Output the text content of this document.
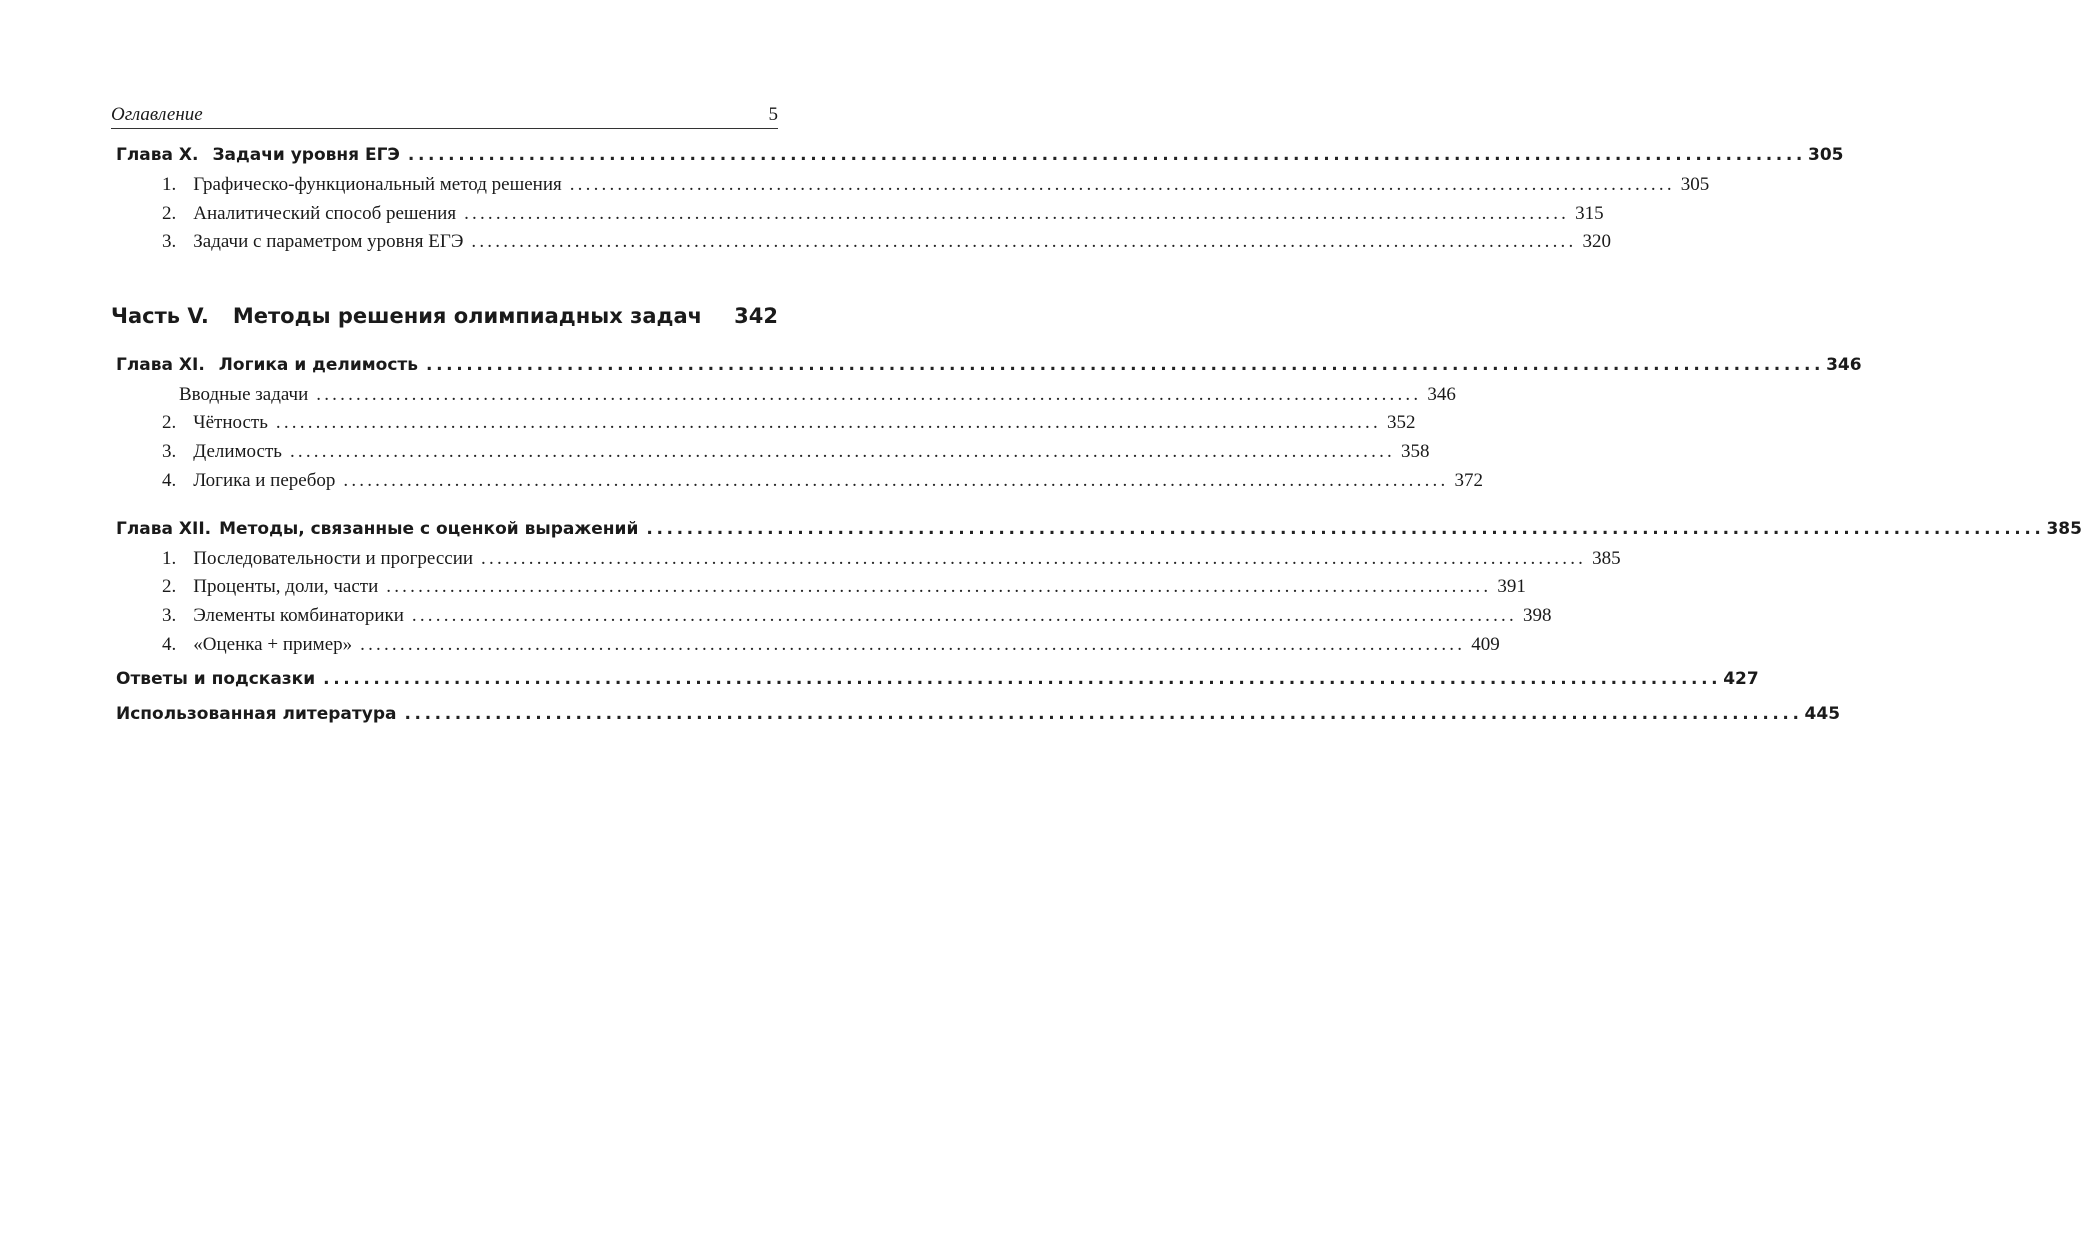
Оглавление	5
Глава X. Задачи уровня ЕГЭ ........................................................................................................................................... 305
1. Графическо-функциональный метод решения ........................................................................................................................................... 305
2. Аналитический способ решения ........................................................................................................................................... 315
3. Задачи с параметром уровня ЕГЭ ........................................................................................................................................... 320
Часть V. Методы решения олимпиадных задач 342
Глава XI. Логика и делимость ........................................................................................................................................... 346
Вводные задачи ........................................................................................................................................... 346
2. Чётность ........................................................................................................................................... 352
3. Делимость ........................................................................................................................................... 358
4. Логика и перебор ........................................................................................................................................... 372
Глава XII. Методы, связанные с оценкой выражений ........................................................................................................................................... 385
1. Последовательности и прогрессии ........................................................................................................................................... 385
2. Проценты, доли, части ........................................................................................................................................... 391
3. Элементы комбинаторики ........................................................................................................................................... 398
4. «Оценка + пример» ........................................................................................................................................... 409
Ответы и подсказки ........................................................................................................................................... 427
Использованная литература ........................................................................................................................................... 445
